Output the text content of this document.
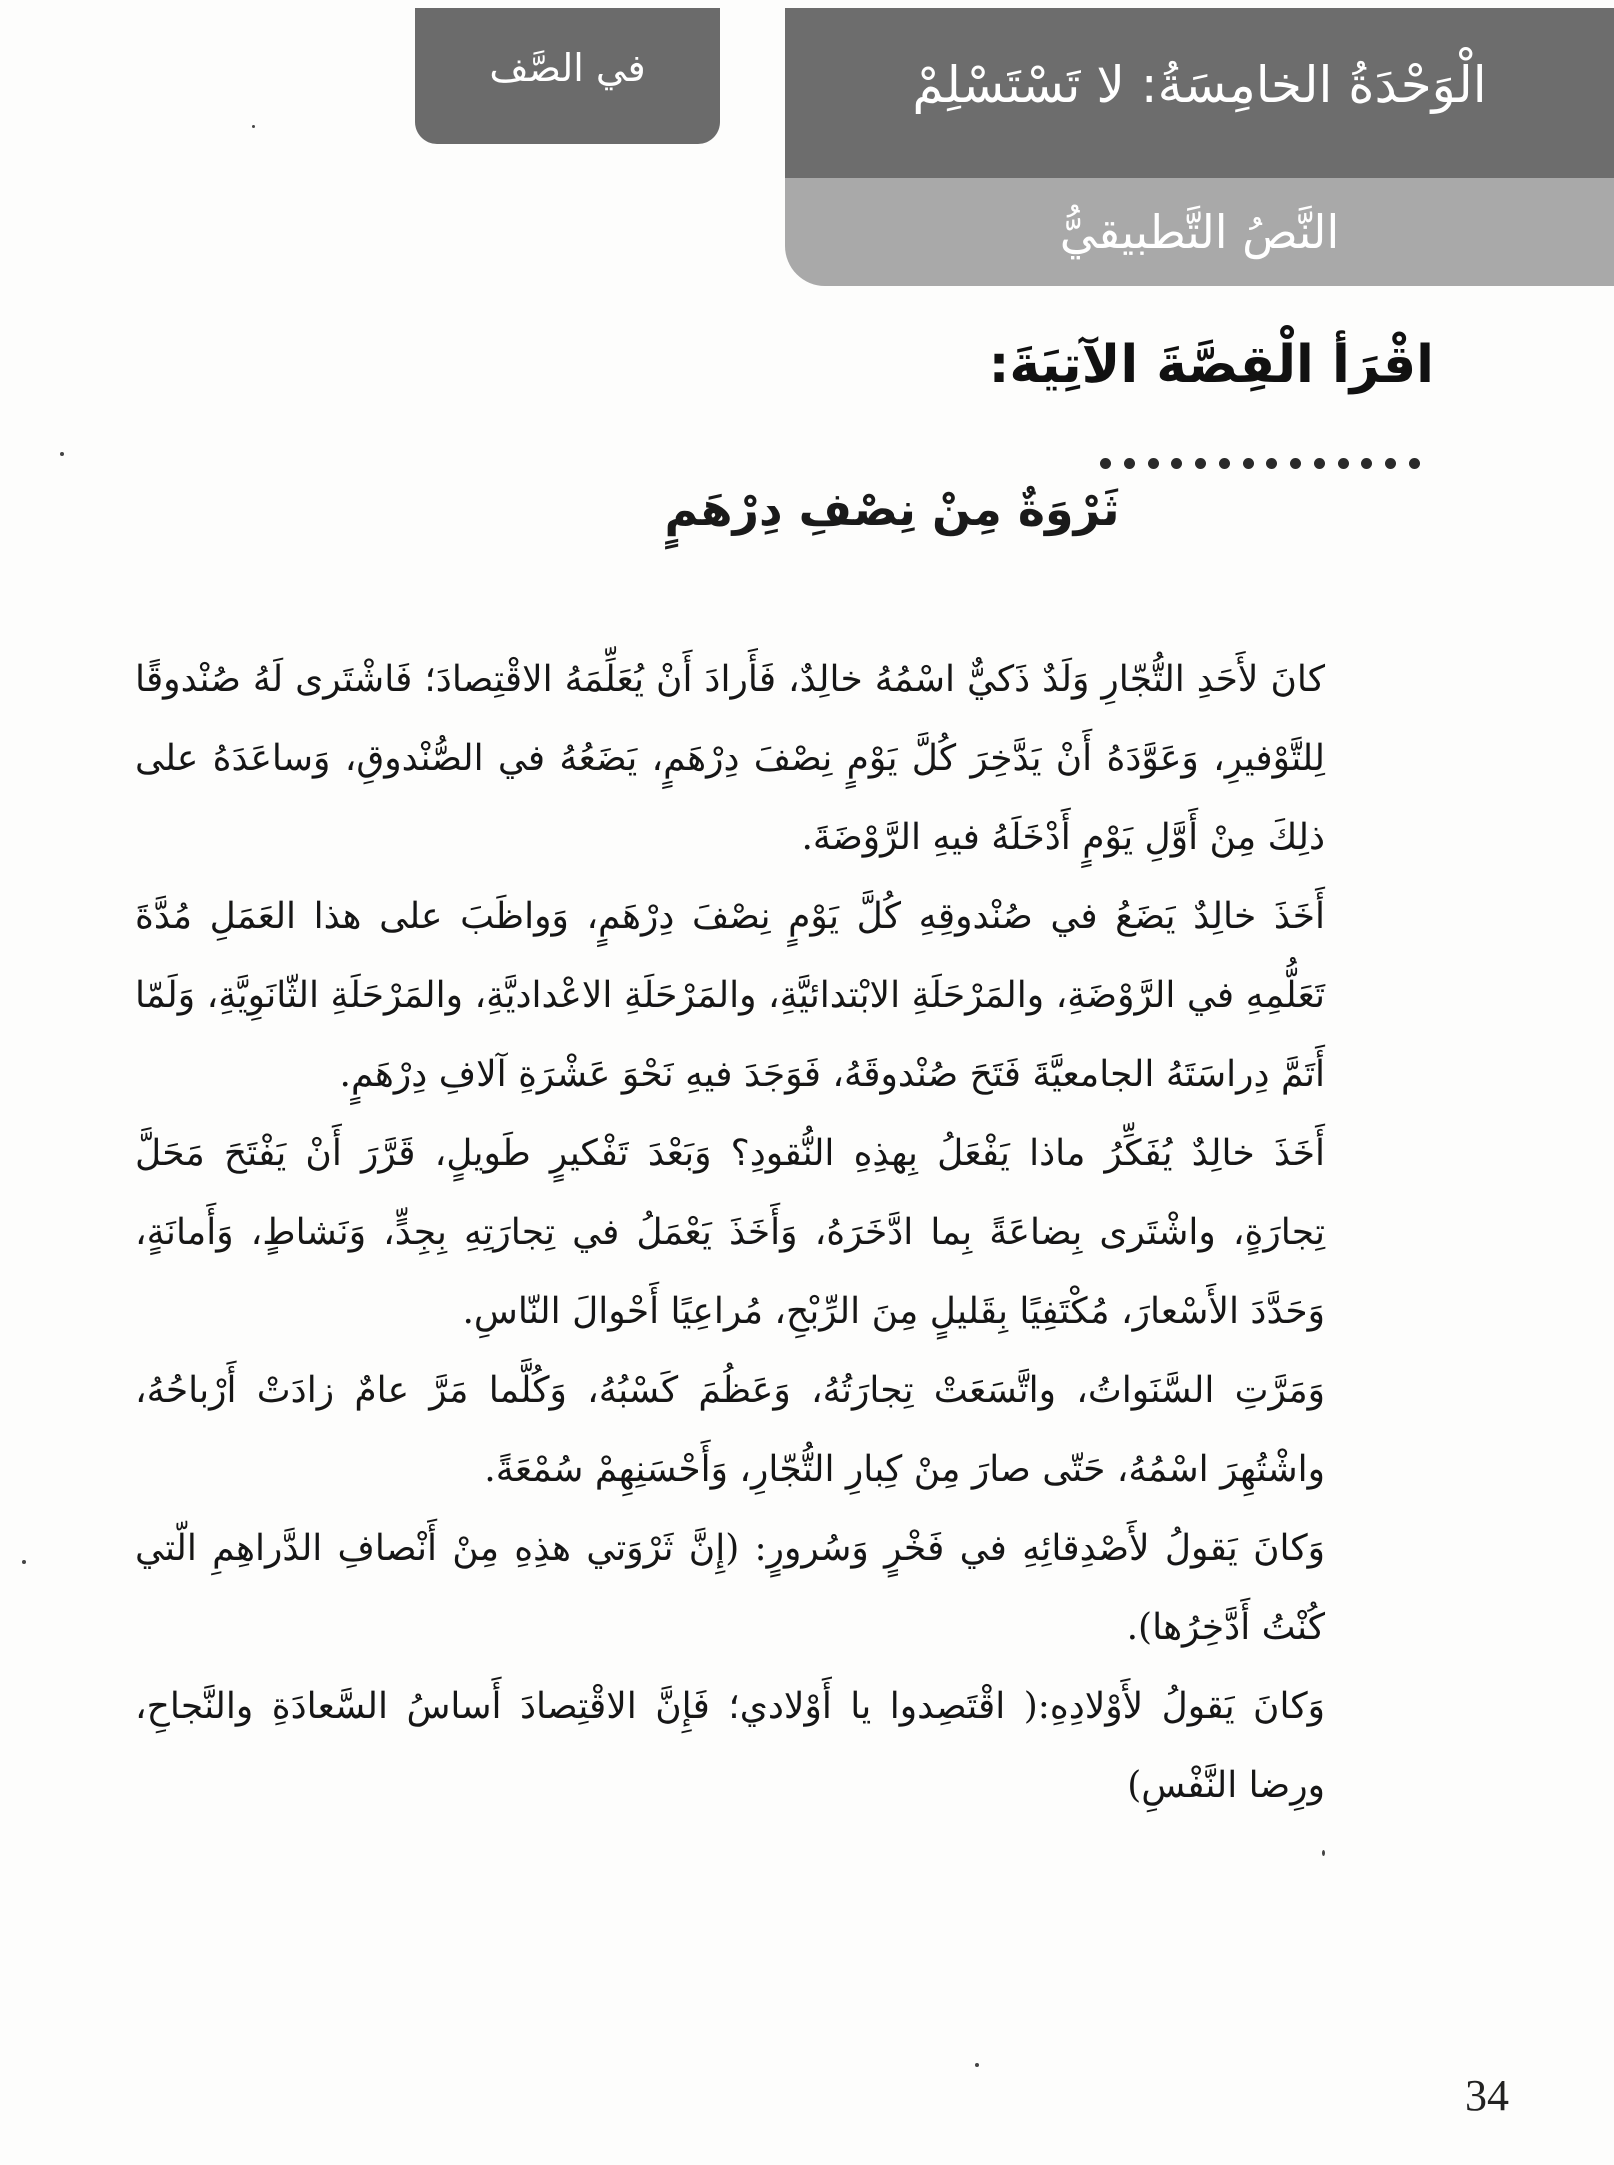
في الصَّف	الْوَحْدَةُ الخامِسَةُ: لا تَسْتَسْلِمْ
النَّصُ التَّطبيقيُّ
اقْرَأ الْقِصَّةَ الآتِيَةَ:
ثَرْوَةٌ مِنْ نِصْفِ دِرْهَمٍ

كانَ لأَحَدِ التُّجّارِ وَلَدٌ ذَكيٌّ اسْمُهُ خالِدٌ، فَأَرادَ أَنْ يُعَلِّمَهُ الاقْتِصادَ؛ فَاشْتَرى لَهُ صُنْدوقًا لِلتَّوْفيرِ، وَعَوَّدَهُ أَنْ يَدَّخِرَ كُلَّ يَوْمٍ نِصْفَ دِرْهَمٍ، يَضَعُهُ في الصُّنْدوقِ، وَساعَدَهُ على ذلِكَ مِنْ أَوَّلِ يَوْمٍ أَدْخَلَهُ فيهِ الرَّوْضَةَ.

أَخَذَ خالِدٌ يَضَعُ في صُنْدوقِهِ كُلَّ يَوْمٍ نِصْفَ دِرْهَمٍ، وَواظَبَ على هذا العَمَلِ مُدَّةَ تَعَلُّمِهِ في الرَّوْضَةِ، والمَرْحَلَةِ الابْتدائيَّةِ، والمَرْحَلَةِ الاعْداديَّةِ، والمَرْحَلَةِ الثّانَوِيَّةِ، وَلَمّا أَتَمَّ دِراسَتَهُ الجامعيَّةَ فَتَحَ صُنْدوقَهُ، فَوَجَدَ فيهِ نَحْوَ عَشْرَةِ آلافِ دِرْهَمٍ.

أَخَذَ خالِدٌ يُفَكِّرُ ماذا يَفْعَلُ بِهذِهِ النُّقودِ؟ وَبَعْدَ تَفْكيرٍ طَويلٍ، قَرَّرَ أَنْ يَفْتَحَ مَحَلَّ تِجارَةٍ، واشْتَرى بِضاعَةً بِما ادَّخَرَهُ، وَأَخَذَ يَعْمَلُ في تِجارَتِهِ بِجِدٍّ، وَنَشاطٍ، وَأَمانَةٍ، وَحَدَّدَ الأَسْعارَ، مُكْتَفِيًا بِقَليلٍ مِنَ الرِّبْحِ، مُراعِيًا أَحْوالَ النّاسِ.

وَمَرَّتِ السَّنَواتُ، واتَّسَعَتْ تِجارَتُهُ، وَعَظُمَ كَسْبُهُ، وَكُلَّما مَرَّ عامٌ زادَتْ أَرْباحُهُ، واشْتُهِرَ اسْمُهُ، حَتّى صارَ مِنْ كِبارِ التُّجّارِ، وَأَحْسَنِهِمْ سُمْعَةً.

وَكانَ يَقولُ لأَصْدِقائِهِ في فَخْرٍ وَسُرورٍ: (إِنَّ ثَرْوَتي هذِهِ مِنْ أَنْصافِ الدَّراهِمِ الّتي كُنْتُ أَدَّخِرُها).

وَكانَ يَقولُ لأَوْلادِهِ:( اقْتَصِدوا يا أَوْلادي؛ فَإِنَّ الاقْتِصادَ أَساسُ السَّعادَةِ والنَّجاحِ، ورِضا النَّفْسِ)

34
